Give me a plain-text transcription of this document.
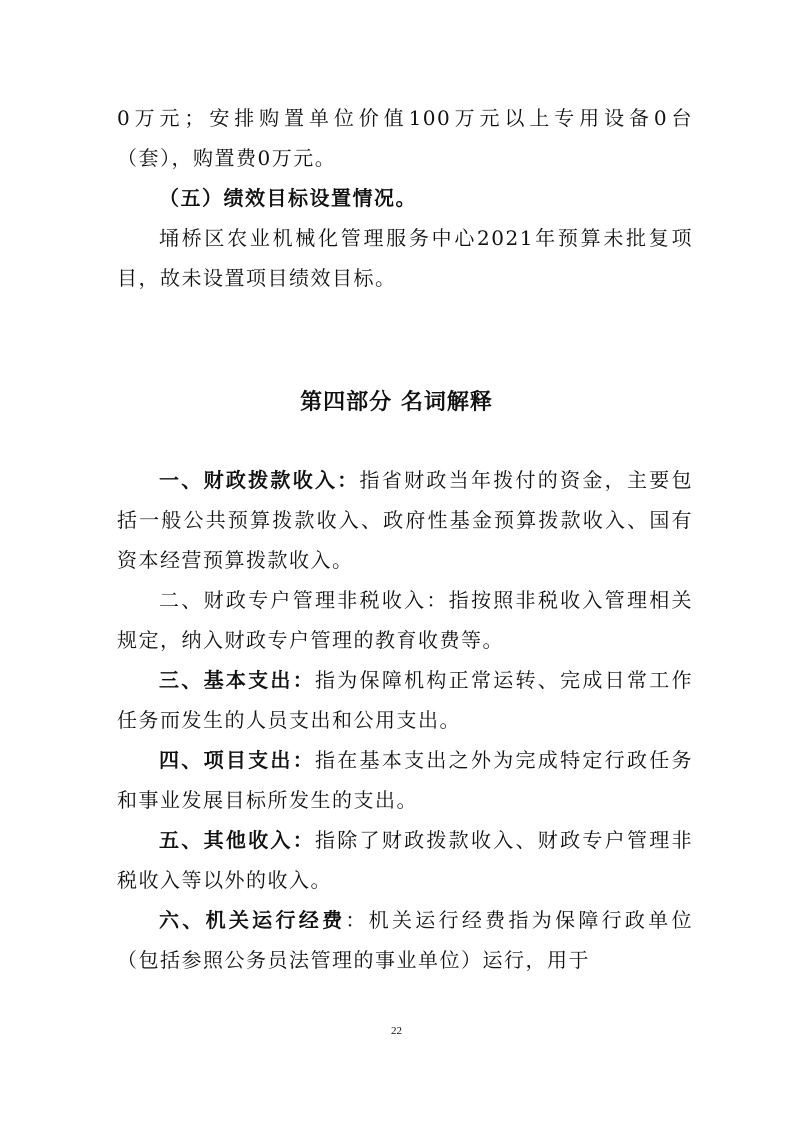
0万元；安排购置单位价值100万元以上专用设备0台（套），购置费0万元。

（五）绩效目标设置情况。

埇桥区农业机械化管理服务中心2021年预算未批复项目，故未设置项目绩效目标。

第四部分 名词解释

一、财政拨款收入：指省财政当年拨付的资金，主要包括一般公共预算拨款收入、政府性基金预算拨款收入、国有资本经营预算拨款收入。

二、财政专户管理非税收入：指按照非税收入管理相关规定，纳入财政专户管理的教育收费等。

三、基本支出：指为保障机构正常运转、完成日常工作任务而发生的人员支出和公用支出。

四、项目支出：指在基本支出之外为完成特定行政任务和事业发展目标所发生的支出。

五、其他收入：指除了财政拨款收入、财政专户管理非税收入等以外的收入。

六、机关运行经费：机关运行经费指为保障行政单位（包括参照公务员法管理的事业单位）运行，用于

22
